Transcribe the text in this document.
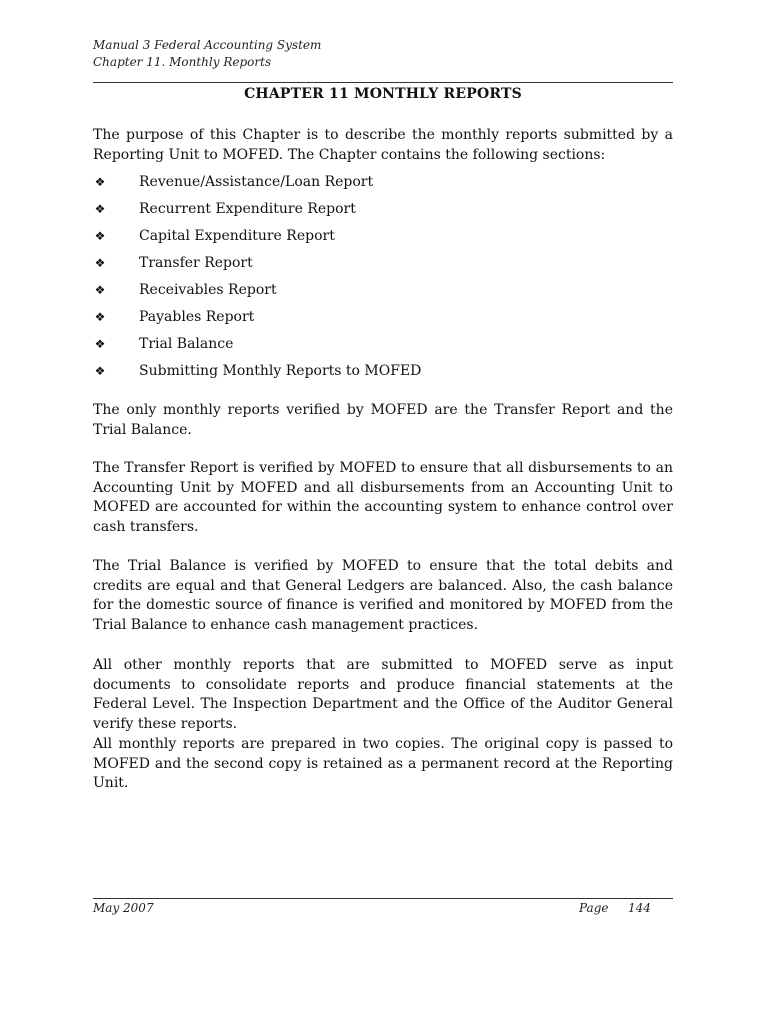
Manual 3 Federal Accounting System
Chapter 11. Monthly Reports
CHAPTER 11 MONTHLY REPORTS
The purpose of this Chapter is to describe the monthly reports submitted by a Reporting Unit to MOFED. The Chapter contains the following sections:
❖ Revenue/Assistance/Loan Report
❖ Recurrent Expenditure Report
❖ Capital Expenditure Report
❖ Transfer Report
❖ Receivables Report
❖ Payables Report
❖ Trial Balance
❖ Submitting Monthly Reports to MOFED
The only monthly reports verified by MOFED are the Transfer Report and the Trial Balance.
The Transfer Report is verified by MOFED to ensure that all disbursements to an Accounting Unit by MOFED and all disbursements from an Accounting Unit to MOFED are accounted for within the accounting system to enhance control over cash transfers.
The Trial Balance is verified by MOFED to ensure that the total debits and credits are equal and that General Ledgers are balanced. Also, the cash balance for the domestic source of finance is verified and monitored by MOFED from the Trial Balance to enhance cash management practices.
All other monthly reports that are submitted to MOFED serve as input documents to consolidate reports and produce financial statements at the Federal Level. The Inspection Department and the Office of the Auditor General verify these reports.
All monthly reports are prepared in two copies. The original copy is passed to MOFED and the second copy is retained as a permanent record at the Reporting Unit.
May 2007	Page 144
